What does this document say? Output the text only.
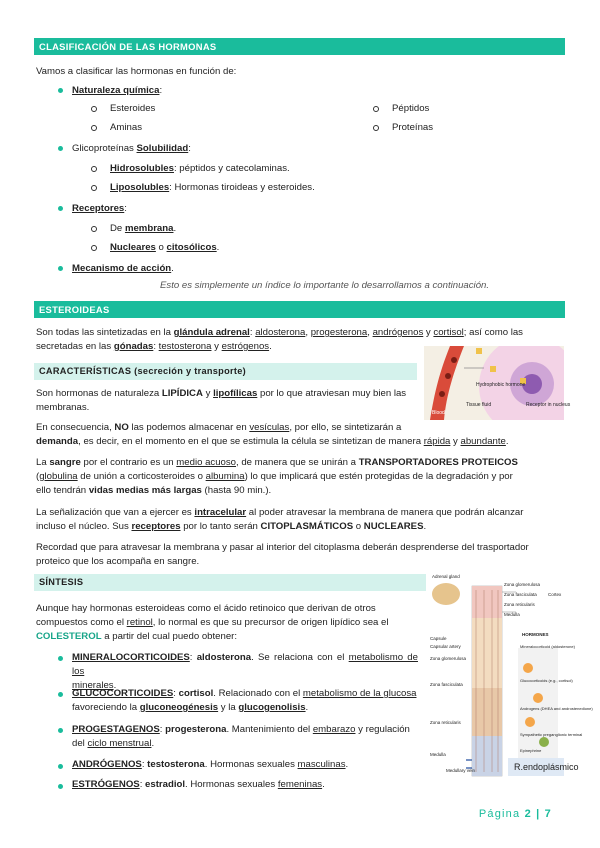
CLASIFICACIÓN DE LAS HORMONAS
Vamos a clasificar las hormonas en función de:
Naturaleza química:
Esteroides
Aminas
Péptidos
Proteínas
Glicoproteínas Solubilidad:
Hidrosolubles: péptidos y catecolaminas.
Liposolubles: Hormonas tiroideas y esteroides.
Receptores:
De membrana.
Nucleares o citosólicos.
Mecanismo de acción.
Esto es simplemente un índice lo importante lo desarrollamos a continuación.
ESTEROIDEAS
Son todas las sintetizadas en la glándula adrenal: aldosterona, progesterona, andrógenos y cortisol; así como las
secretadas en las gónadas: testosterona y estrógenos.
CARACTERÍSTICAS (secreción y transporte)
Hydrophobic hormone
Tissue fluid	Receptor in nucleus
Blood
Son hormonas de naturaleza LIPÍDICA y lipofílicas por lo que atraviesan muy bien las
membranas.
En consecuencia, NO las podemos almacenar en vesículas, por ello, se sintetizarán a
demanda, es decir, en el momento en el que se estimula la célula se sintetizan de manera rápida y abundante.
La sangre por el contrario es un medio acuoso, de manera que se unirán a TRANSPORTADORES PROTEICOS
(globulina de unión a corticosteroides o albumina) lo que implicará que estén protegidas de la degradación y por
ello tendrán vidas medias más largas (hasta 90 min.).
La señalización que van a ejercer es intracelular al poder atravesar la membrana de manera que podrán alcanzar
incluso el núcleo. Sus receptores por lo tanto serán CITOPLASMÁTICOS o NUCLEARES.
Recordad que para atravesar la membrana y pasar al interior del citoplasma deberán desprenderse del trasportador
proteico que los acompaña en sangre.
SÍNTESIS
Adrenal gland
Zona glomerulosa
Zona fasciculata
Zona reticularis
Cortex
Medulla
Capsule
Capsular artery
HORMONES
Mineralocorticoid (aldosterone)
Glucocorticoids (e.g., cortisol)
Androgens (DHEA and androstenedione)
Sympathetic preganglionic terminal
Epinephrine
Zona glomerulosa
Zona fasciculata
Zona reticularis
Medulla
Medullary vein	R.endoplásmico
Aunque hay hormonas esteroideas como el ácido retinoico que derivan de otros
compuestos como el retinol, lo normal es que su precursor de origen lipídico sea el
COLESTEROL a partir del cual puedo obtener:
MINERALOCORTICOIDES: aldosterona. Se relaciona con el metabolismo de los
minerales.
GLUCOCORTICOIDES: cortisol. Relacionado con el metabolismo de la glucosa
favoreciendo la gluconeogénesis y la glucogenolisis.
PROGESTAGENOS: progesterona. Mantenimiento del embarazo y regulación
del ciclo menstrual.
ANDRÓGENOS: testosterona. Hormonas sexuales masculinas.
ESTRÓGENOS: estradiol. Hormonas sexuales femeninas.
Página 2 | 7
